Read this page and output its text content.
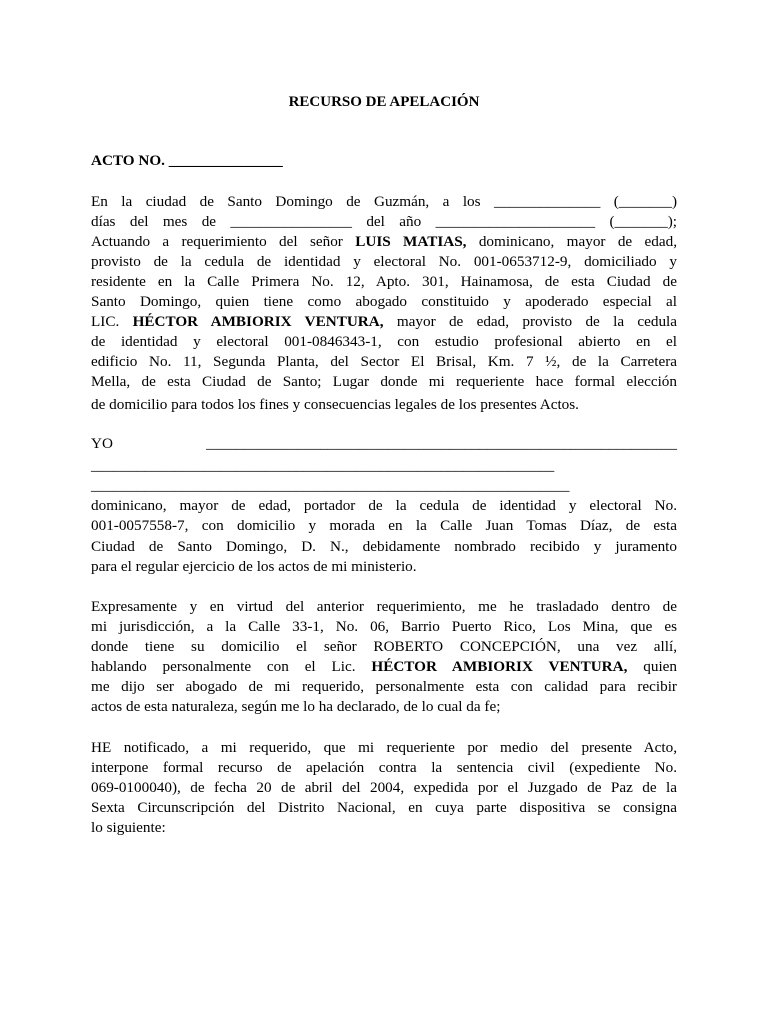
RECURSO DE APELACIÓN
ACTO NO. _______________
En la ciudad de Santo Domingo de Guzmán, a los ______________ (_______)
días del mes de ________________ del año _____________________ (_______);
Actuando a requerimiento del señor LUIS MATIAS, dominicano, mayor de edad,
provisto de la cedula de identidad y electoral No. 001-0653712-9, domiciliado y
residente en la Calle Primera No. 12, Apto. 301, Hainamosa, de esta Ciudad de
Santo Domingo, quien tiene como abogado constituido y apoderado especial al
LIC. HÉCTOR AMBIORIX VENTURA, mayor de edad, provisto de la cedula
de identidad y electoral 001-0846343-1, con estudio profesional abierto en el
edificio No. 11, Segunda Planta, del Sector El Brisal, Km. 7 ½, de la Carretera
Mella, de esta Ciudad de Santo; Lugar donde mi requeriente hace formal elección
de domicilio para todos los fines y consecuencias legales de los presentes Actos.
YO ______________________________________________________________
_____________________________________________________________
_______________________________________________________________
dominicano, mayor de edad, portador de la cedula de identidad y electoral No.
001-0057558-7, con domicilio y morada en la Calle Juan Tomas Díaz, de esta
Ciudad de Santo Domingo, D. N., debidamente nombrado recibido y juramento
para el regular ejercicio de los actos de mi ministerio.
Expresamente y en virtud del anterior requerimiento, me he trasladado dentro de
mi jurisdicción, a la Calle 33-1, No. 06, Barrio Puerto Rico, Los Mina, que es
donde tiene su domicilio el señor ROBERTO CONCEPCIÓN, una vez allí,
hablando personalmente con el Lic. HÉCTOR AMBIORIX VENTURA, quien
me dijo ser abogado de mi requerido, personalmente esta con calidad para recibir
actos de esta naturaleza, según me lo ha declarado, de lo cual da fe;
HE notificado, a mi requerido, que mi requeriente por medio del presente Acto,
interpone formal recurso de apelación contra la sentencia civil (expediente No.
069-0100040), de fecha 20 de abril del 2004, expedida por el Juzgado de Paz de la
Sexta Circunscripción del Distrito Nacional, en cuya parte dispositiva se consigna
lo siguiente:
